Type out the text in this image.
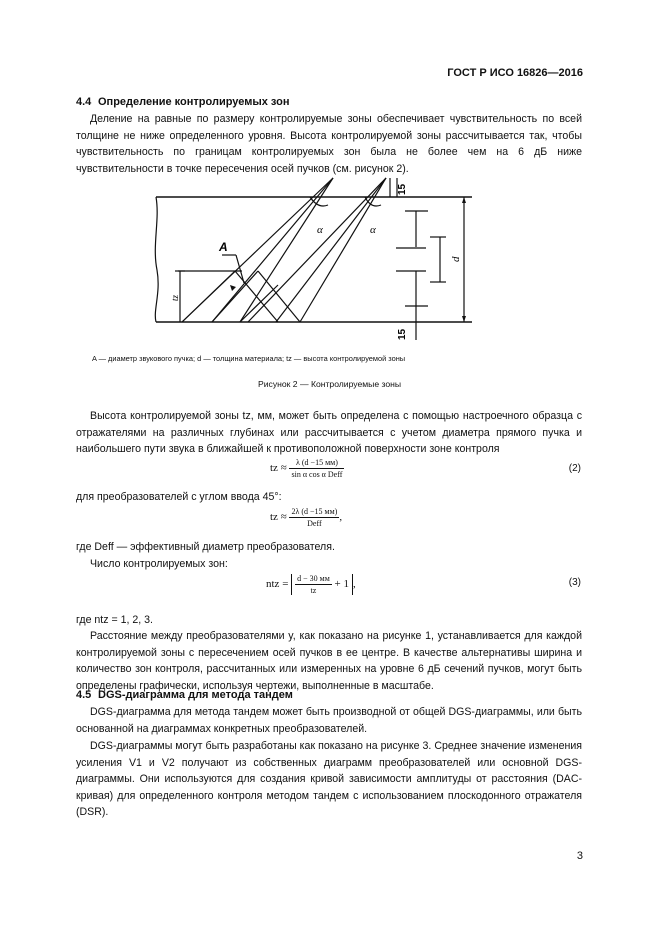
ГОСТ Р ИСО 16826—2016
4.4 Определение контролируемых зон

Деление на равные по размеру контролируемые зоны обеспечивает чувствительность по всей толщине не ниже определенного уровня. Высота контролируемой зоны рассчитывается так, чтобы чувствительность по границам контролируемых зон была не более чем на 6 дБ ниже чувствительности в точке пересечения осей пучков (см. рисунок 2).

A
α	α
tz
15
15
d
A — диаметр звукового пучка; d — толщина материала; tz — высота контролируемой зоны
Рисунок 2 — Контролируемые зоны

Высота контролируемой зоны tz, мм, может быть определена с помощью настроечного образца с отражателями на различных глубинах или рассчитывается с учетом диаметра прямого пучка и наибольшего пути звука в ближайшей к противоположной поверхности зоне контроля

tz ≈ $\frac{\lambda (d -15 мм)}{\text{sin α cos α Deff}}$	(2)
для преобразователей с углом ввода 45°:
tz ≈ $\frac{2\lambda (d -15 мм)}{\text{Deff}}$ ,
где Deff — эффективный диаметр преобразователя.
Число контролируемых зон:
ntz = $\frac{d - 30 мм}{tz} + 1$ ,	(3)
где ntz = 1, 2, 3.

Расстояние между преобразователями y, как показано на рисунке 1, устанавливается для каждой контролируемой зоны с пересечением осей пучков в ее центре. В качестве альтернативы ширина и количество зон контроля, рассчитанных или измеренных на уровне 6 дБ сечений пучков, могут быть определены графически, используя чертежи, выполненные в масштабе.

4.5 DGS-диаграмма для метода тандем

DGS-диаграмма для метода тандем может быть производной от общей DGS-диаграммы, или быть основанной на диаграммах конкретных преобразователей.

DGS-диаграммы могут быть разработаны как показано на рисунке 3. Среднее значение изменения усиления V1 и V2 получают из собственных диаграмм преобразователей или основной DGS-диаграммы. Они используются для создания кривой зависимости амплитуды от расстояния (DAC-кривая) для определенного контроля методом тандем с использованием плоскодонного отражателя (DSR).

3
